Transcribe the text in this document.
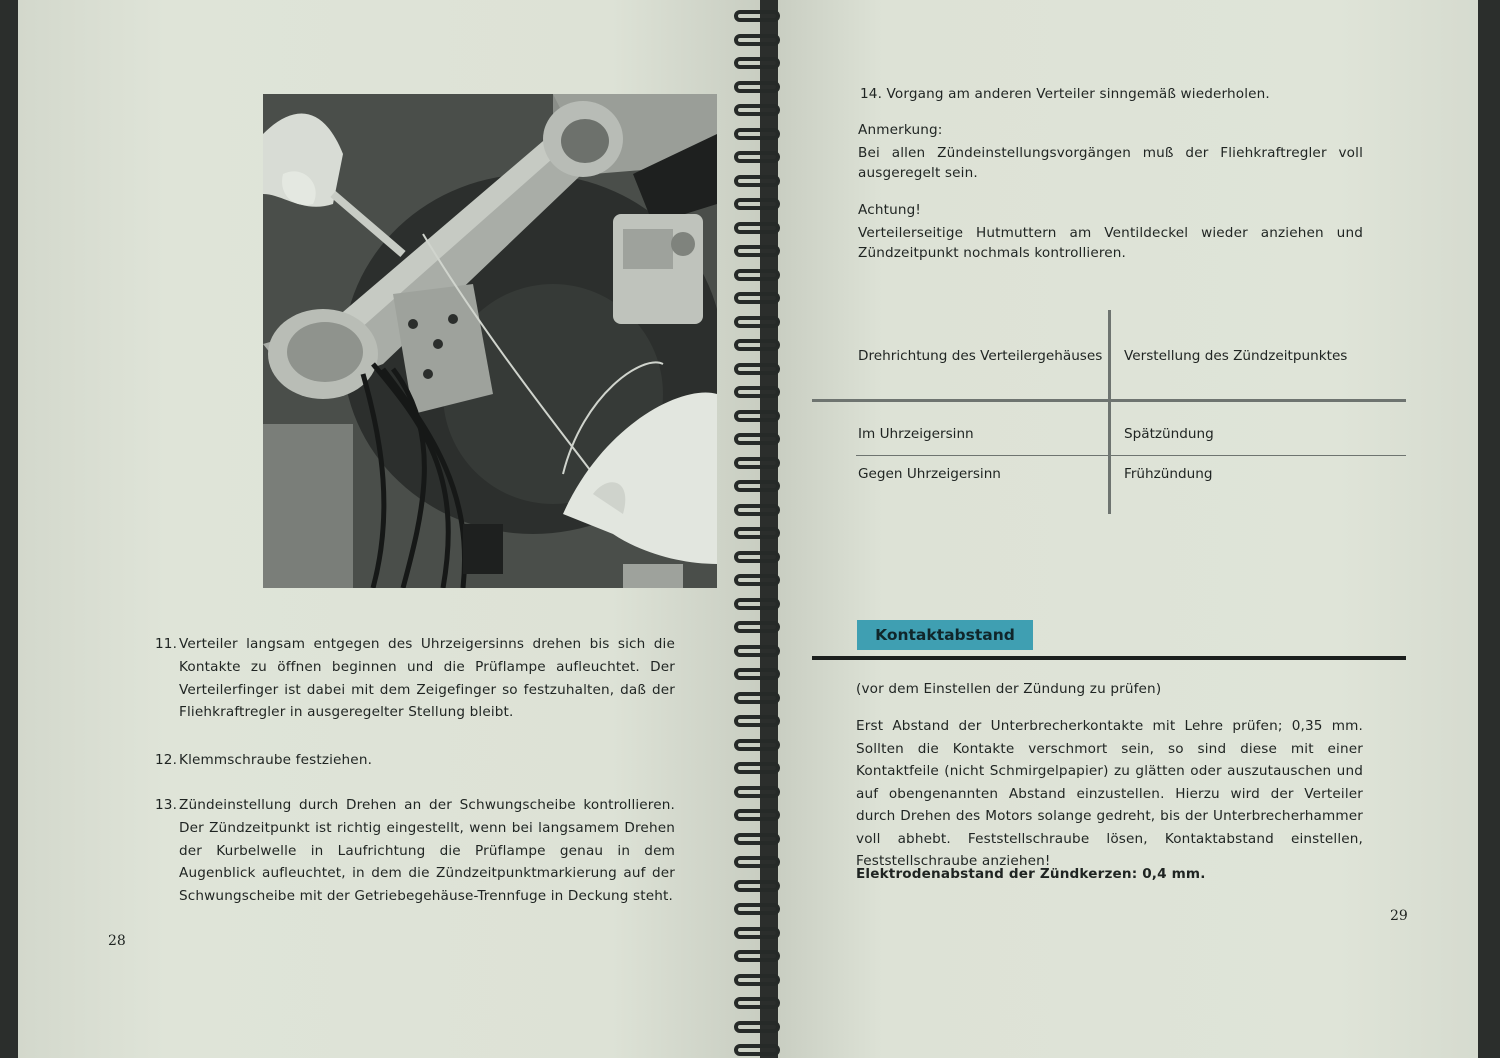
11. Verteiler langsam entgegen des Uhrzeigersinns drehen bis sich die Kontakte zu öffnen beginnen und die Prüflampe aufleuchtet. Der Verteilerfinger ist dabei mit dem Zeigefinger so festzuhalten, daß der Fliehkraftregler in ausgeregelter Stellung bleibt.
12. Klemmschraube festziehen.
13. Zündeinstellung durch Drehen an der Schwungscheibe kontrollieren. Der Zündzeitpunkt ist richtig eingestellt, wenn bei langsamem Drehen der Kurbelwelle in Laufrichtung die Prüflampe genau in dem Augenblick aufleuchtet, in dem die Zündzeitpunktmarkierung auf der Schwungscheibe mit der Getriebegehäuse-Trennfuge in Deckung steht.
28
14. Vorgang am anderen Verteiler sinngemäß wiederholen.
Anmerkung:
Bei allen Zündeinstellungsvorgängen muß der Fliehkraftregler voll ausgeregelt sein.
Achtung!
Verteilerseitige Hutmuttern am Ventildeckel wieder anziehen und Zündzeitpunkt nochmals kontrollieren.
Drehrichtung des Verteilergehäuses Verstellung des Zündzeitpunktes
Im Uhrzeigersinn	Spätzündung
Gegen Uhrzeigersinn	Frühzündung
Kontaktabstand
(vor dem Einstellen der Zündung zu prüfen)
Erst Abstand der Unterbrecherkontakte mit Lehre prüfen; 0,35 mm. Sollten die Kontakte verschmort sein, so sind diese mit einer Kontaktfeile (nicht Schmirgelpapier) zu glätten oder auszutauschen und auf obengenannten Abstand einzustellen. Hierzu wird der Verteiler durch Drehen des Motors solange gedreht, bis der Unterbrecherhammer voll abhebt. Feststellschraube lösen, Kontaktabstand einstellen, Feststellschraube anziehen!
Elektrodenabstand der Zündkerzen: 0,4 mm.
29
